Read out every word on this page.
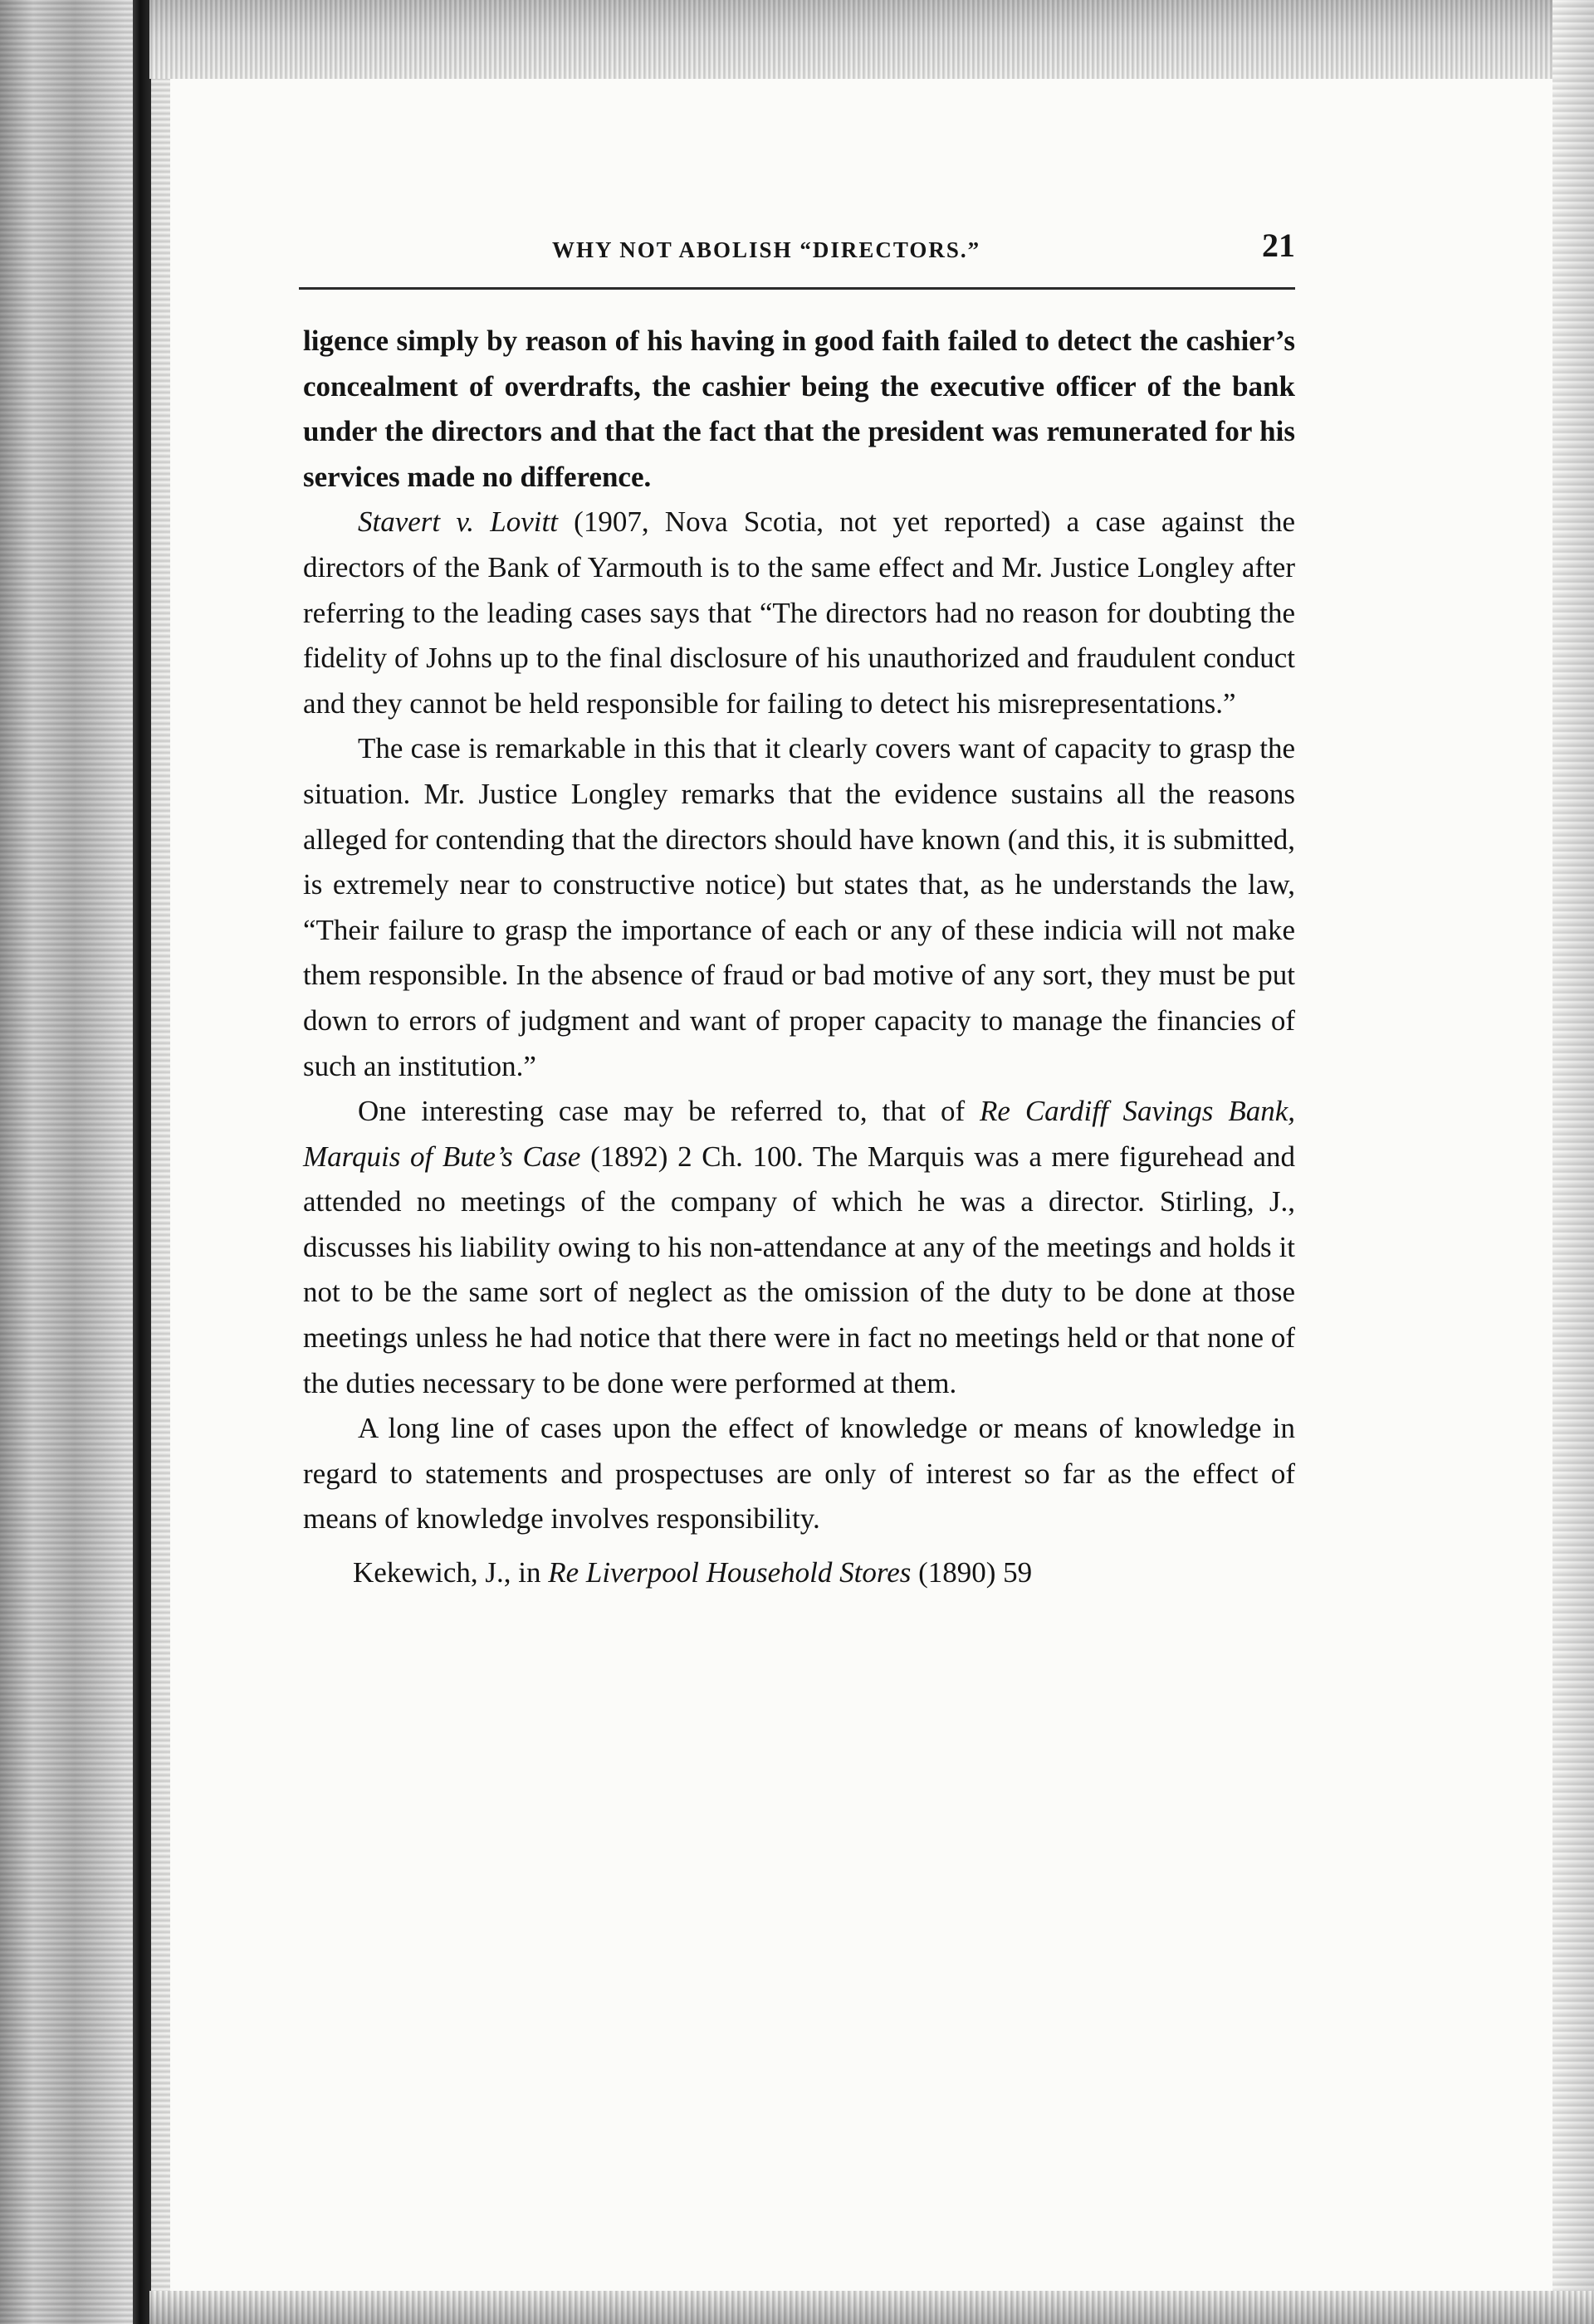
WHY NOT ABOLISH “DIRECTORS.”	21

ligence simply by reason of his having in good faith failed to detect the cashier’s concealment of overdrafts, the cashier being the executive officer of the bank under the directors and that the fact that the president was remunerated for his services made no difference.

Stavert v. Lovitt (1907, Nova Scotia, not yet reported) a case against the directors of the Bank of Yarmouth is to the same effect and Mr. Justice Longley after referring to the leading cases says that “The directors had no reason for doubting the fidelity of Johns up to the final disclosure of his unauthorized and fraudulent conduct and they cannot be held responsible for failing to detect his misrepresentations.”

The case is remarkable in this that it clearly covers want of capacity to grasp the situation. Mr. Justice Longley remarks that the evidence sustains all the reasons alleged for contending that the directors should have known (and this, it is submitted, is extremely near to constructive notice) but states that, as he understands the law, “Their failure to grasp the importance of each or any of these indicia will not make them responsible. In the absence of fraud or bad motive of any sort, they must be put down to errors of judgment and want of proper capacity to manage the financies of such an institution.”

One interesting case may be referred to, that of Re Cardiff Savings Bank, Marquis of Bute’s Case (1892) 2 Ch. 100. The Marquis was a mere figurehead and attended no meetings of the company of which he was a director. Stirling, J., discusses his liability owing to his non-attendance at any of the meetings and holds it not to be the same sort of neglect as the omission of the duty to be done at those meetings unless he had notice that there were in fact no meetings held or that none of the duties necessary to be done were performed at them.

A long line of cases upon the effect of knowledge or means of knowledge in regard to statements and prospectuses are only of interest so far as the effect of means of knowledge involves responsibility.

Kekewich, J., in Re Liverpool Household Stores (1890) 59
